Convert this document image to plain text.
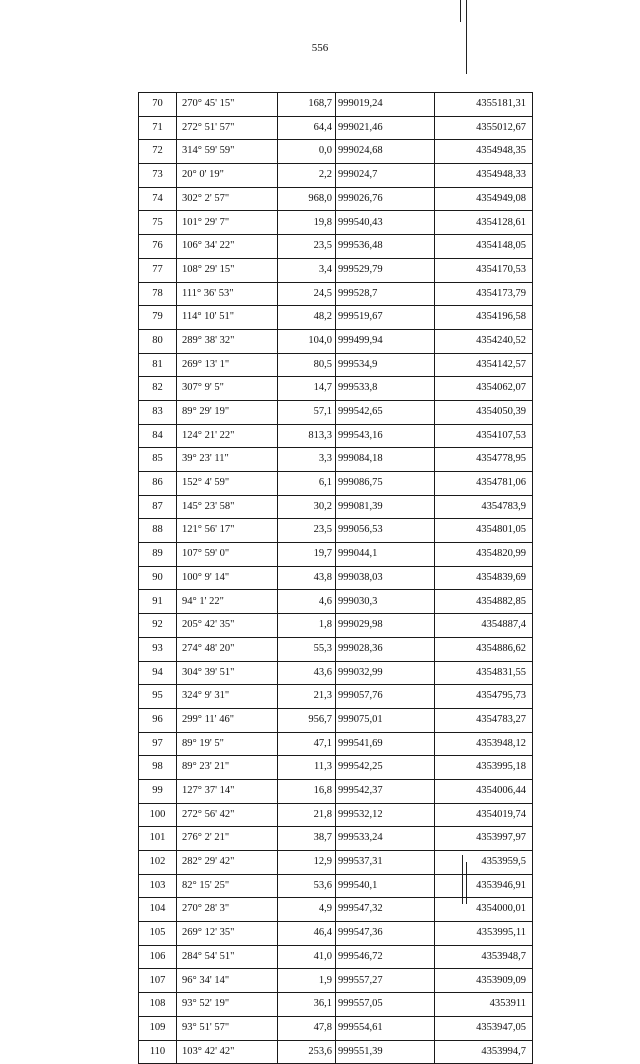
556
70	270° 45' 15"	168,7	999019,24	4355181,31
71	272° 51' 57"	64,4	999021,46	4355012,67
72	314° 59' 59"	0,0	999024,68	4354948,35
73	20° 0' 19"	2,2	999024,7	4354948,33
74	302° 2' 57"	968,0	999026,76	4354949,08
75	101° 29' 7"	19,8	999540,43	4354128,61
76	106° 34' 22"	23,5	999536,48	4354148,05
77	108° 29' 15"	3,4	999529,79	4354170,53
78	111° 36' 53"	24,5	999528,7	4354173,79
79	114° 10' 51"	48,2	999519,67	4354196,58
80	289° 38' 32"	104,0	999499,94	4354240,52
81	269° 13' 1"	80,5	999534,9	4354142,57
82	307° 9' 5"	14,7	999533,8	4354062,07
83	89° 29' 19"	57,1	999542,65	4354050,39
84	124° 21' 22"	813,3	999543,16	4354107,53
85	39° 23' 11"	3,3	999084,18	4354778,95
86	152° 4' 59"	6,1	999086,75	4354781,06
87	145° 23' 58"	30,2	999081,39	4354783,9
88	121° 56' 17"	23,5	999056,53	4354801,05
89	107° 59' 0"	19,7	999044,1	4354820,99
90	100° 9' 14"	43,8	999038,03	4354839,69
91	94° 1' 22"	4,6	999030,3	4354882,85
92	205° 42' 35"	1,8	999029,98	4354887,4
93	274° 48' 20"	55,3	999028,36	4354886,62
94	304° 39' 51"	43,6	999032,99	4354831,55
95	324° 9' 31"	21,3	999057,76	4354795,73
96	299° 11' 46"	956,7	999075,01	4354783,27
97	89° 19' 5"	47,1	999541,69	4353948,12
98	89° 23' 21"	11,3	999542,25	4353995,18
99	127° 37' 14"	16,8	999542,37	4354006,44
100	272° 56' 42"	21,8	999532,12	4354019,74
101	276° 2' 21"	38,7	999533,24	4353997,97
102	282° 29' 42"	12,9	999537,31	4353959,5
103	82° 15' 25"	53,6	999540,1	4353946,91
104	270° 28' 3"	4,9	999547,32	4354000,01
105	269° 12' 35"	46,4	999547,36	4353995,11
106	284° 54' 51"	41,0	999546,72	4353948,7
107	96° 34' 14"	1,9	999557,27	4353909,09
108	93° 52' 19"	36,1	999557,05	4353911
109	93° 51' 57"	47,8	999554,61	4353947,05
110	103° 42' 42"	253,6	999551,39	4353994,7
